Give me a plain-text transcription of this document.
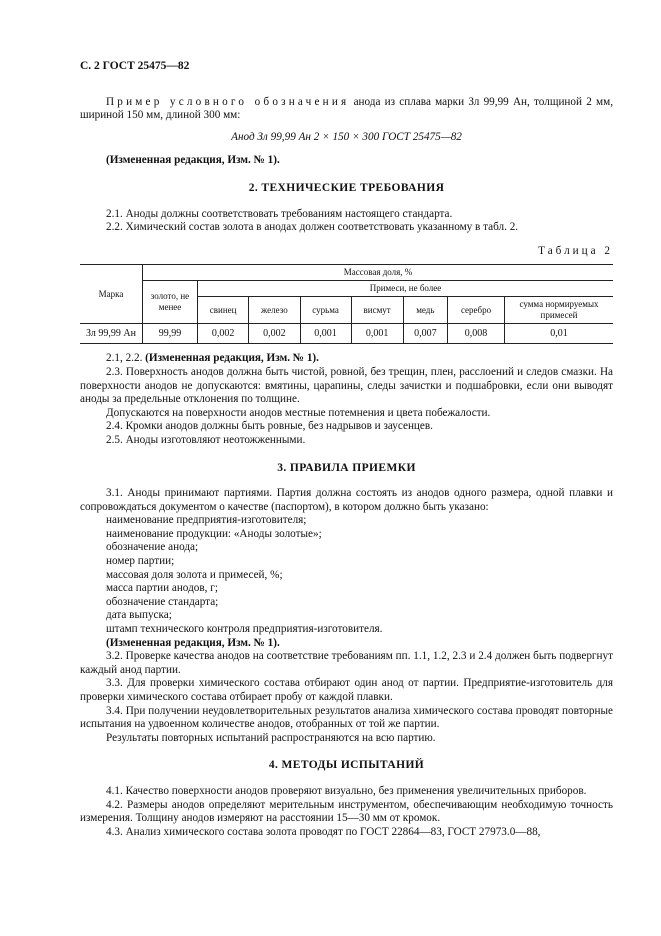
С. 2 ГОСТ 25475—82

Пример условного обозначения анода из сплава марки Зл 99,99 Ан, толщиной 2 мм, шириной 150 мм, длиной 300 мм:

Анод Зл 99,99 Ан 2 × 150 × 300 ГОСТ 25475—82

(Измененная редакция, Изм. № 1).

2. ТЕХНИЧЕСКИЕ ТРЕБОВАНИЯ

2.1. Аноды должны соответствовать требованиям настоящего стандарта.

2.2. Химический состав золота в анодах должен соответствовать указанному в табл. 2.

Таблица 2
Марка	Массовая доля, %							
	золото, не менее	Примеси, не более						
		свинец	железо	сурьма	висмут	медь	серебро	сумма нормируемых примесей
Зл 99,99 Ан	99,99	0,002	0,002	0,001	0,001	0,007	0,008	0,01

2.1, 2.2. (Измененная редакция, Изм. № 1).

2.3. Поверхность анодов должна быть чистой, ровной, без трещин, плен, расслоений и следов смазки. На поверхности анодов не допускаются: вмятины, царапины, следы зачистки и подшабровки, если они выводят аноды за предельные отклонения по толщине.

Допускаются на поверхности анодов местные потемнения и цвета побежалости.

2.4. Кромки анодов должны быть ровные, без надрывов и заусенцев.

2.5. Аноды изготовляют неотожженными.

3. ПРАВИЛА ПРИЕМКИ

3.1. Аноды принимают партиями. Партия должна состоять из анодов одного размера, одной плавки и сопровождаться документом о качестве (паспортом), в котором должно быть указано:

наименование предприятия-изготовителя;

наименование продукции: «Аноды золотые»;

обозначение анода;

номер партии;

массовая доля золота и примесей, %;

масса партии анодов, г;

обозначение стандарта;

дата выпуска;

штамп технического контроля предприятия-изготовителя.

(Измененная редакция, Изм. № 1).

3.2. Проверке качества анодов на соответствие требованиям пп. 1.1, 1.2, 2.3 и 2.4 должен быть подвергнут каждый анод партии.

3.3. Для проверки химического состава отбирают один анод от партии. Предприятие-изготовитель для проверки химического состава отбирает пробу от каждой плавки.

3.4. При получении неудовлетворительных результатов анализа химического состава проводят повторные испытания на удвоенном количестве анодов, отобранных от той же партии.

Результаты повторных испытаний распространяются на всю партию.

4. МЕТОДЫ ИСПЫТАНИЙ

4.1. Качество поверхности анодов проверяют визуально, без применения увеличительных приборов.

4.2. Размеры анодов определяют мерительным инструментом, обеспечивающим необходимую точность измерения. Толщину анодов измеряют на расстоянии 15—30 мм от кромок.

4.3. Анализ химического состава золота проводят по ГОСТ 22864—83, ГОСТ 27973.0—88,
